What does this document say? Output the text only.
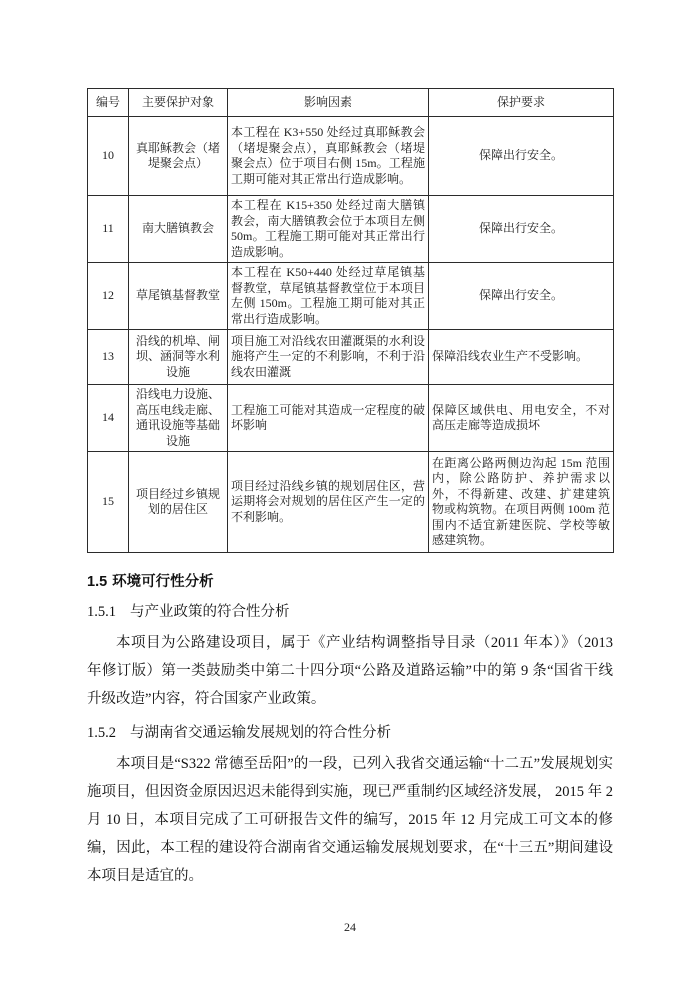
编号	主要保护对象	影响因素	保护要求
10	真耶稣教会（堵堤聚会点）	本工程在 K3+550 处经过真耶稣教会（堵堤聚会点），真耶稣教会（堵堤聚会点）位于项目右侧 15m。工程施工期可能对其正常出行造成影响。	保障出行安全。
11	南大膳镇教会	本工程在 K15+350 处经过南大膳镇教会，南大膳镇教会位于本项目左侧 50m。工程施工期可能对其正常出行造成影响。	保障出行安全。
12	草尾镇基督教堂	本工程在 K50+440 处经过草尾镇基督教堂，草尾镇基督教堂位于本项目左侧 150m。工程施工期可能对其正常出行造成影响。	保障出行安全。
13	沿线的机埠、闸坝、涵洞等水利设施	项目施工对沿线农田灌溉渠的水利设施将产生一定的不利影响，不利于沿线农田灌溉	保障沿线农业生产不受影响。
14	沿线电力设施、高压电线走廊、通讯设施等基础设施	工程施工可能对其造成一定程度的破坏影响	保障区域供电、用电安全，不对高压走廊等造成损坏
15	项目经过乡镇规划的居住区	项目经过沿线乡镇的规划居住区，营运期将会对规划的居住区产生一定的不利影响。	在距离公路两侧边沟起 15m 范围内，除公路防护、养护需求以外，不得新建、改建、扩建建筑物或构筑物。在项目两侧 100m 范围内不适宜新建医院、学校等敏感建筑物。
1.5 环境可行性分析
1.5.1 与产业政策的符合性分析

本项目为公路建设项目，属于《产业结构调整指导目录（2011 年本）》（2013 年修订版）第一类鼓励类中第二十四分项“公路及道路运输”中的第 9 条“国省干线升级改造”内容，符合国家产业政策。

1.5.2 与湖南省交通运输发展规划的符合性分析

本项目是“S322 常德至岳阳”的一段，已列入我省交通运输“十二五”发展规划实施项目，但因资金原因迟迟未能得到实施，现已严重制约区域经济发展， 2015 年 2 月 10 日，本项目完成了工可研报告文件的编写，2015 年 12 月完成工可文本的修编，因此，本工程的建设符合湖南省交通运输发展规划要求，在“十三五”期间建设本项目是适宜的。

24
